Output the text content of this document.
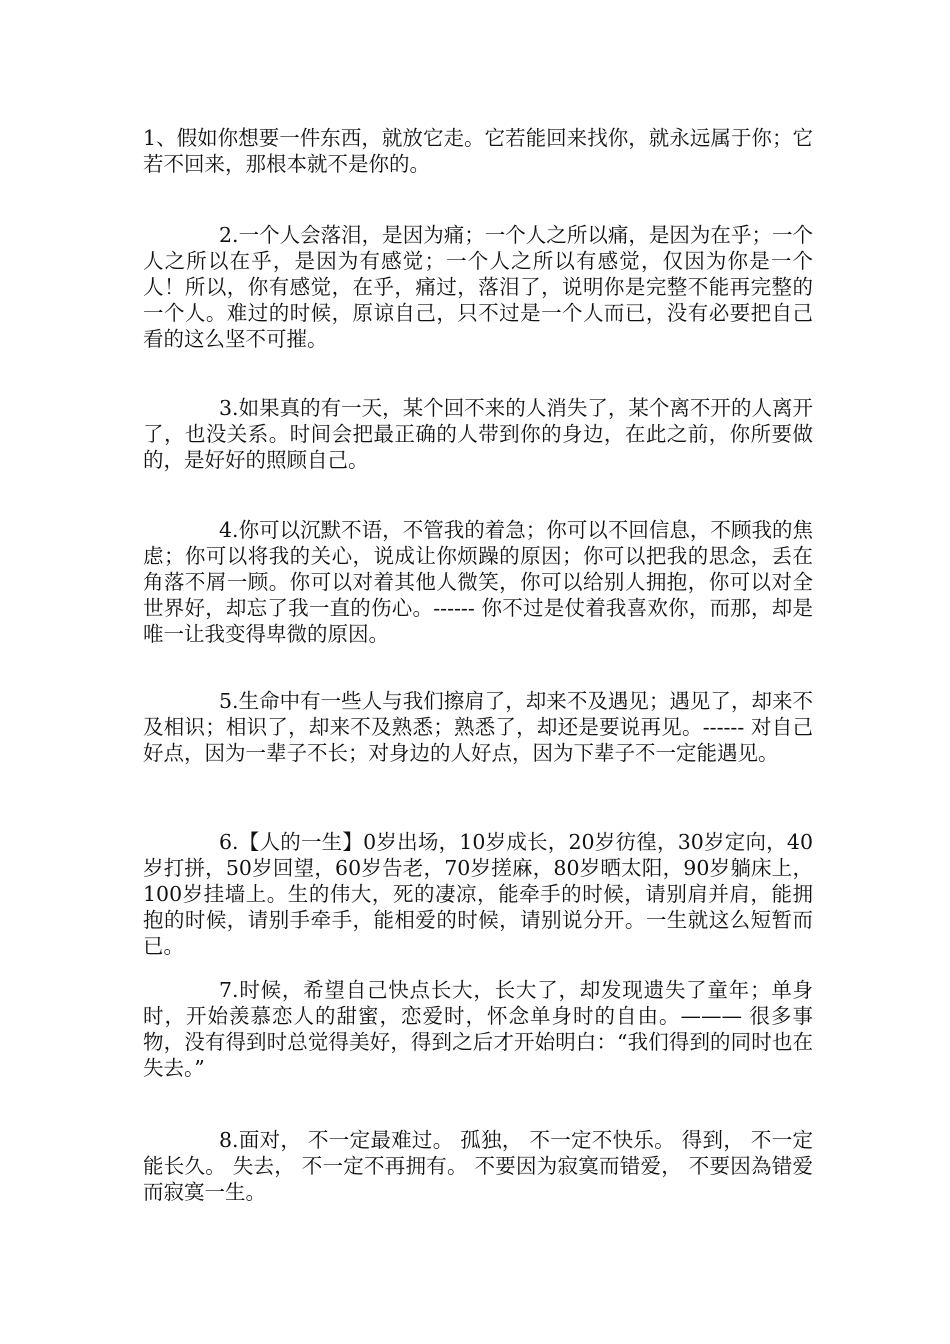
1、假如你想要一件东西，就放它走。它若能回来找你，就永远属于你；它若不回来，那根本就不是你的。

2.一个人会落泪，是因为痛；一个人之所以痛，是因为在乎；一个人之所以在乎，是因为有感觉；一个人之所以有感觉，仅因为你是一个人！所以，你有感觉，在乎，痛过，落泪了，说明你是完整不能再完整的一个人。难过的时候，原谅自己，只不过是一个人而已，没有必要把自己看的这么坚不可摧。

3.如果真的有一天，某个回不来的人消失了，某个离不开的人离开了，也没关系。时间会把最正确的人带到你的身边，在此之前，你所要做的，是好好的照顾自己。

4.你可以沉默不语，不管我的着急；你可以不回信息，不顾我的焦虑；你可以将我的关心，说成让你烦躁的原因；你可以把我的思念，丢在角落不屑一顾。你可以对着其他人微笑，你可以给别人拥抱，你可以对全世界好，却忘了我一直的伤心。------ 你不过是仗着我喜欢你，而那，却是唯一让我变得卑微的原因。

5.生命中有一些人与我们擦肩了，却来不及遇见；遇见了，却来不及相识；相识了，却来不及熟悉；熟悉了，却还是要说再见。------ 对自己好点，因为一辈子不长；对身边的人好点，因为下辈子不一定能遇见。

6.【人的一生】0岁出场，10岁成长，20岁彷徨，30岁定向，40岁打拼，50岁回望，60岁告老，70岁搓麻，80岁晒太阳，90岁躺床上，100岁挂墙上。生的伟大，死的凄凉，能牵手的时候，请别肩并肩，能拥抱的时候，请别手牵手，能相爱的时候，请别说分开。一生就这么短暂而已。

7.时候，希望自己快点长大，长大了，却发现遗失了童年；单身时，开始羡慕恋人的甜蜜，恋爱时，怀念单身时的自由。——— 很多事物，没有得到时总觉得美好，得到之后才开始明白：“我们得到的同时也在失去。”

8.面对， 不一定最难过。 孤独， 不一定不快乐。 得到， 不一定能长久。 失去， 不一定不再拥有。 不要因为寂寞而错爱， 不要因為错爱而寂寞一生。
